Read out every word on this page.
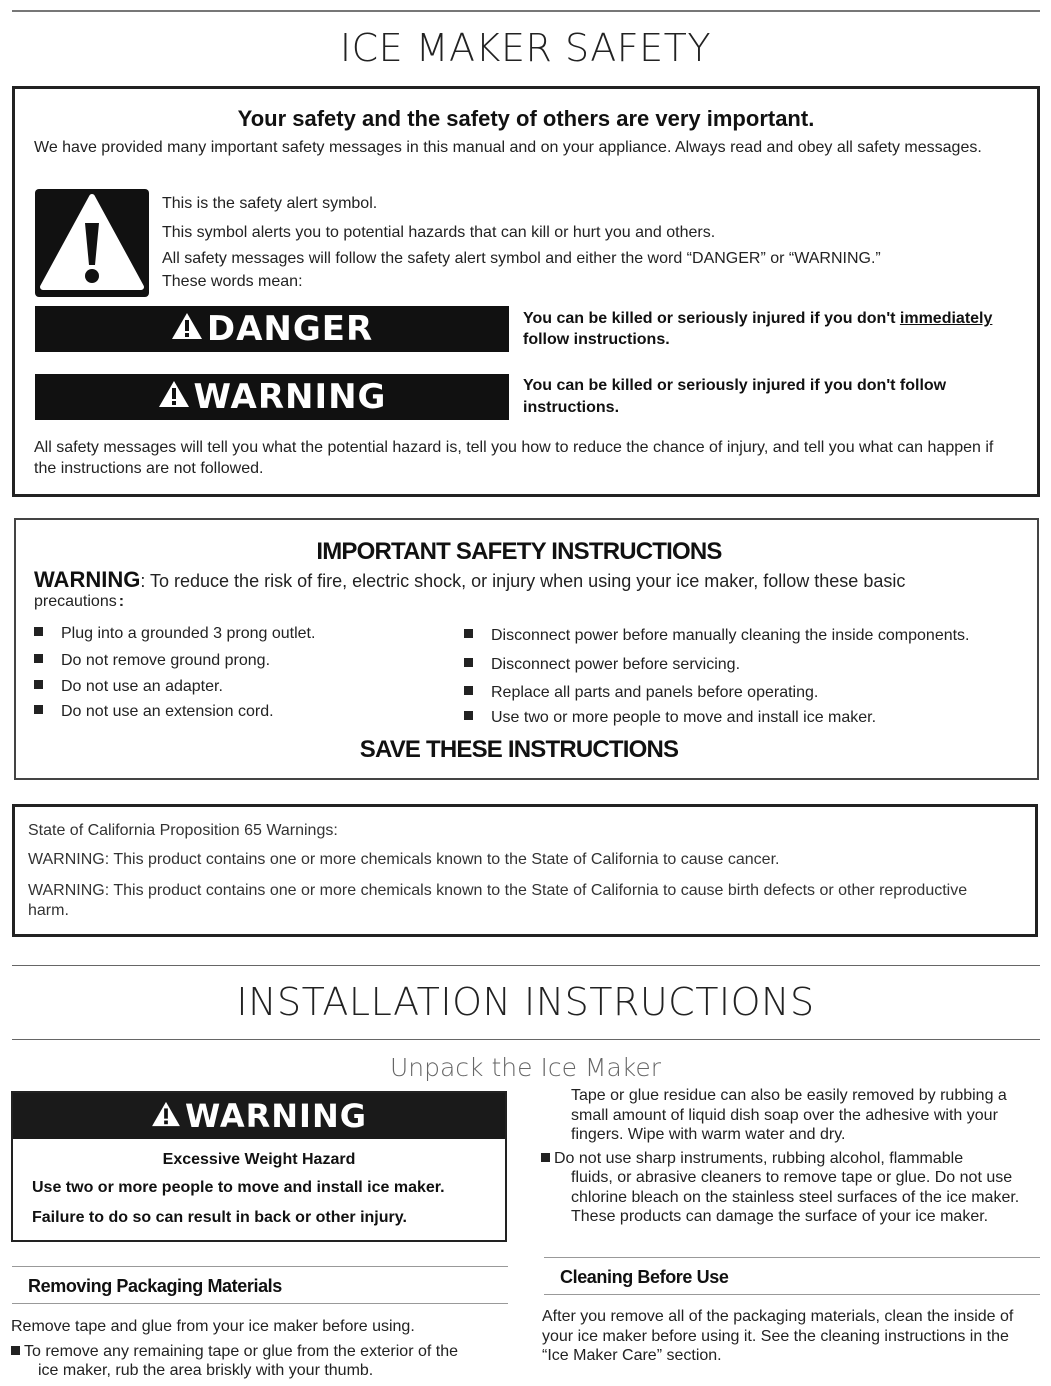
ICE MAKER SAFETY
Your safety and the safety of others are very important.

We have provided many important safety messages in this manual and on your appliance. Always read and obey all safety messages.

This is the safety alert symbol.

This symbol alerts you to potential hazards that can kill or hurt you and others.

All safety messages will follow the safety alert symbol and either the word “DANGER” or “WARNING.”

These words mean:

DANGER	You can be killed or seriously injured if you don't immediately follow instructions.

WARNING	You can be killed or seriously injured if you don't follow instructions.

All safety messages will tell you what the potential hazard is, tell you how to reduce the chance of injury, and tell you what can happen if the instructions are not followed.

IMPORTANT SAFETY INSTRUCTIONS

WARNING: To reduce the risk of fire, electric shock, or injury when using your ice maker, follow these basic

precautions :

Plug into a grounded 3 prong outlet.
Do not remove ground prong.
Do not use an adapter.
Do not use an extension cord.
Disconnect power before manually cleaning the inside components.
Disconnect power before servicing.
Replace all parts and panels before operating.
Use two or more people to move and install ice maker.
SAVE THESE INSTRUCTIONS

State of California Proposition 65 Warnings:

WARNING: This product contains one or more chemicals known to the State of California to cause cancer.

WARNING: This product contains one or more chemicals known to the State of California to cause birth defects or other reproductive harm.

INSTALLATION INSTRUCTIONS
Unpack the Ice Maker
WARNING
Excessive Weight Hazard

Use two or more people to move and install ice maker.

Failure to do so can result in back or other injury.

Removing Packaging Materials

Remove tape and glue from your ice maker before using.

To remove any remaining tape or glue from the exterior of the

ice maker, rub the area briskly with your thumb.

Tape or glue residue can also be easily removed by rubbing a small amount of liquid dish soap over the adhesive with your fingers. Wipe with warm water and dry.

Do not use sharp instruments, rubbing alcohol, flammable

fluids, or abrasive cleaners to remove tape or glue. Do not use chlorine bleach on the stainless steel surfaces of the ice maker. These products can damage the surface of your ice maker.

Cleaning Before Use

After you remove all of the packaging materials, clean the inside of your ice maker before using it. See the cleaning instructions in the “Ice Maker Care” section.
